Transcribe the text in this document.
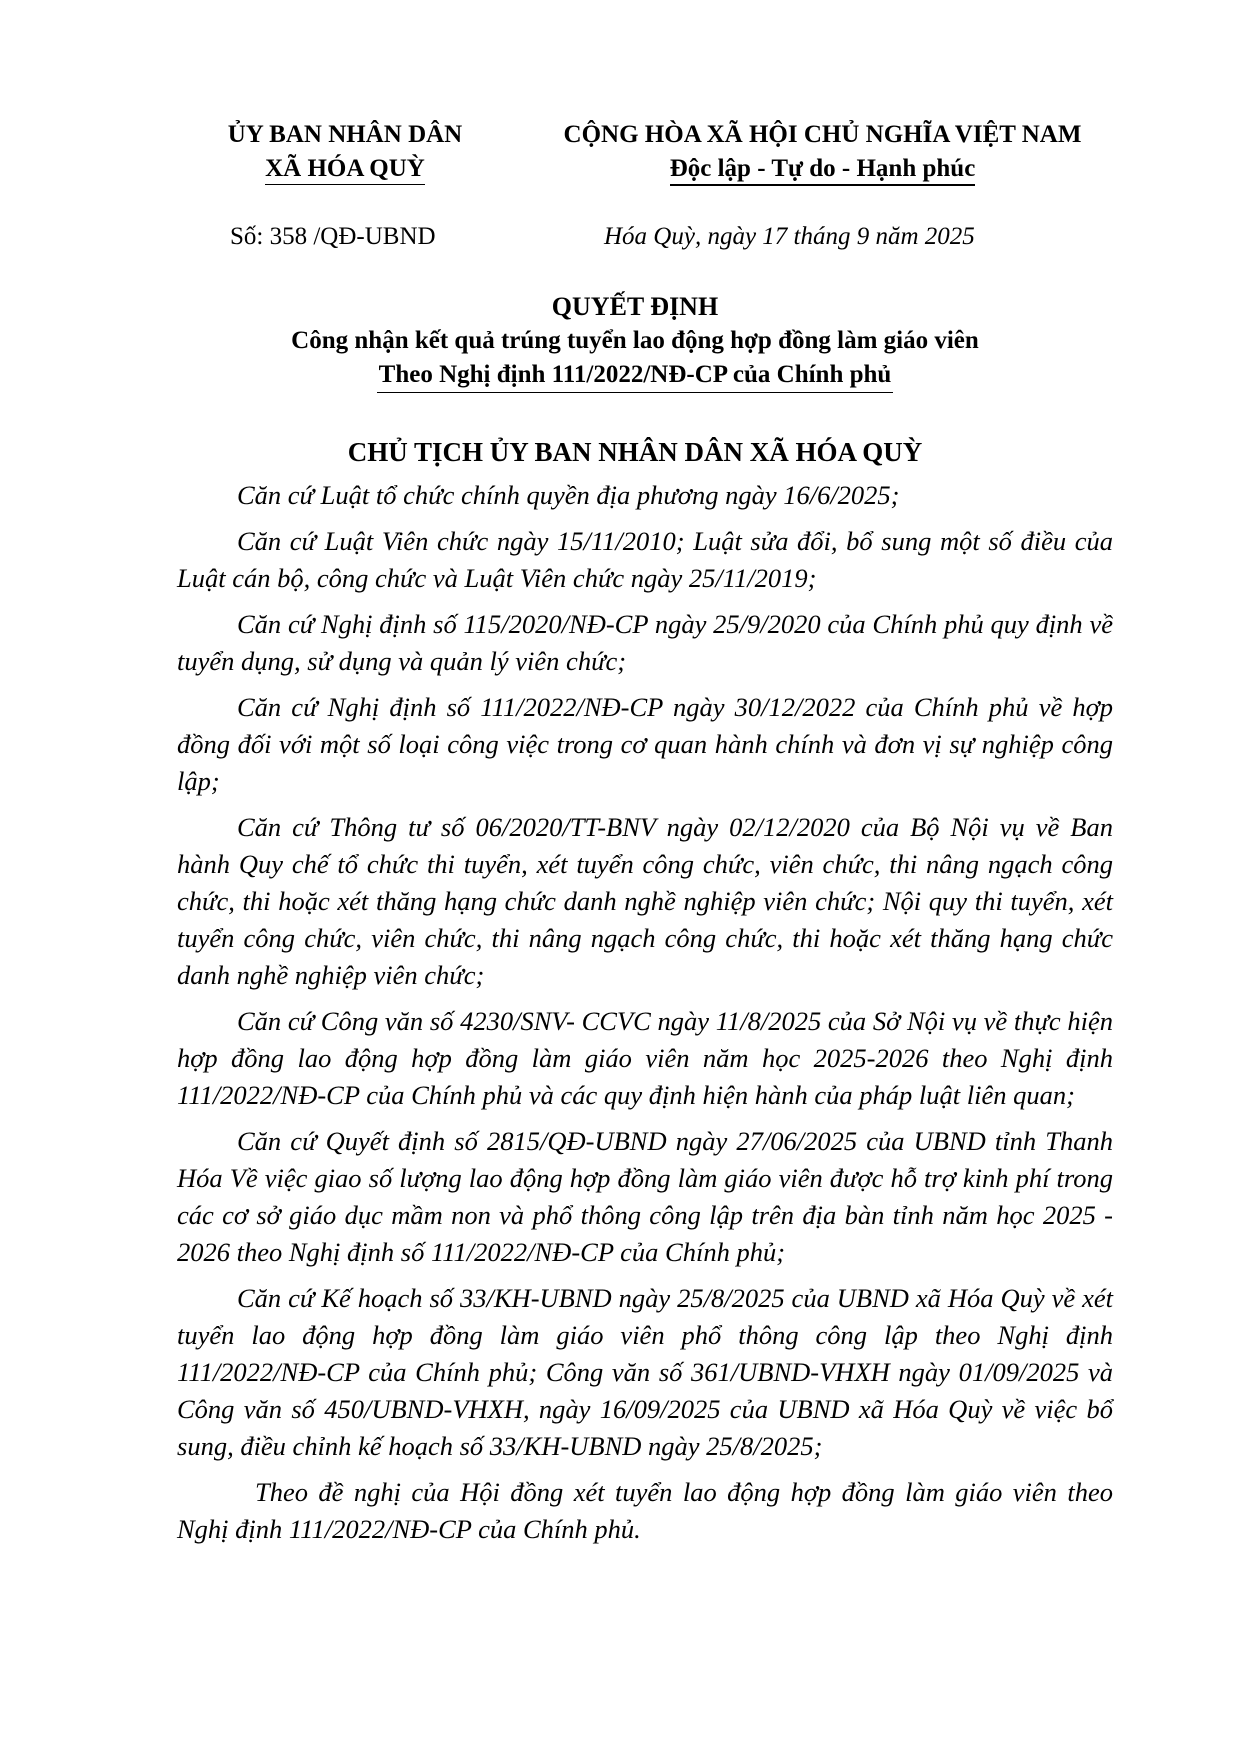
ỦY BAN NHÂN DÂN
XÃ HÓA QUỲ
CỘNG HÒA XÃ HỘI CHỦ NGHĨA VIỆT NAM
Độc lập - Tự do - Hạnh phúc
Số: 358 /QĐ-UBND	Hóa Quỳ, ngày 17 tháng 9 năm 2025
QUYẾT ĐỊNH
Công nhận kết quả trúng tuyển lao động hợp đồng làm giáo viên
Theo Nghị định 111/2022/NĐ-CP của Chính phủ
CHỦ TỊCH ỦY BAN NHÂN DÂN XÃ HÓA QUỲ

Căn cứ Luật tổ chức chính quyền địa phương ngày 16/6/2025;

Căn cứ Luật Viên chức ngày 15/11/2010; Luật sửa đổi, bổ sung một số điều của Luật cán bộ, công chức và Luật Viên chức ngày 25/11/2019;

Căn cứ Nghị định số 115/2020/NĐ-CP ngày 25/9/2020 của Chính phủ quy định về tuyển dụng, sử dụng và quản lý viên chức;

Căn cứ Nghị định số 111/2022/NĐ-CP ngày 30/12/2022 của Chính phủ về hợp đồng đối với một số loại công việc trong cơ quan hành chính và đơn vị sự nghiệp công lập;

Căn cứ Thông tư số 06/2020/TT-BNV ngày 02/12/2020 của Bộ Nội vụ về Ban hành Quy chế tổ chức thi tuyển, xét tuyển công chức, viên chức, thi nâng ngạch công chức, thi hoặc xét thăng hạng chức danh nghề nghiệp viên chức; Nội quy thi tuyển, xét tuyển công chức, viên chức, thi nâng ngạch công chức, thi hoặc xét thăng hạng chức danh nghề nghiệp viên chức;

Căn cứ Công văn số 4230/SNV- CCVC ngày 11/8/2025 của Sở Nội vụ về thực hiện hợp đồng lao động hợp đồng làm giáo viên năm học 2025-2026 theo Nghị định 111/2022/NĐ-CP của Chính phủ và các quy định hiện hành của pháp luật liên quan;

Căn cứ Quyết định số 2815/QĐ-UBND ngày 27/06/2025 của UBND tỉnh Thanh Hóa Về việc giao số lượng lao động hợp đồng làm giáo viên được hỗ trợ kinh phí trong các cơ sở giáo dục mầm non và phổ thông công lập trên địa bàn tỉnh năm học 2025 - 2026 theo Nghị định số 111/2022/NĐ-CP của Chính phủ;

Căn cứ Kế hoạch số 33/KH-UBND ngày 25/8/2025 của UBND xã Hóa Quỳ về xét tuyển lao động hợp đồng làm giáo viên phổ thông công lập theo Nghị định 111/2022/NĐ-CP của Chính phủ; Công văn số 361/UBND-VHXH ngày 01/09/2025 và Công văn số 450/UBND-VHXH, ngày 16/09/2025 của UBND xã Hóa Quỳ về việc bổ sung, điều chỉnh kế hoạch số 33/KH-UBND ngày 25/8/2025;

Theo đề nghị của Hội đồng xét tuyển lao động hợp đồng làm giáo viên theo Nghị định 111/2022/NĐ-CP của Chính phủ.
